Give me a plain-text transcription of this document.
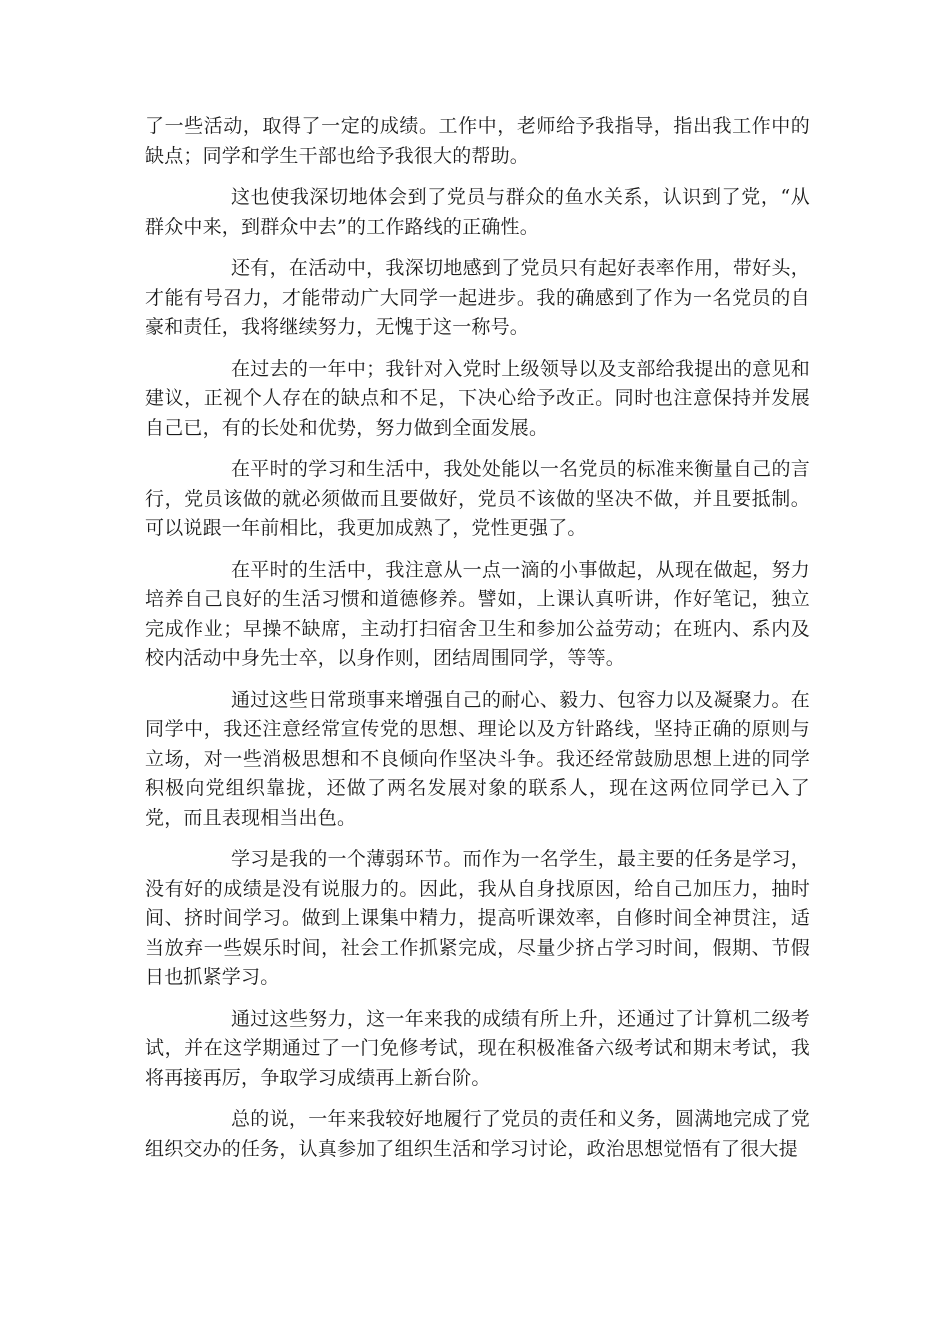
了一些活动，取得了一定的成绩。工作中，老师给予我指导，指出我工作中的缺点；同学和学生干部也给予我很大的帮助。

这也使我深切地体会到了党员与群众的鱼水关系，认识到了党，“从群众中来，到群众中去”的工作路线的正确性。

还有，在活动中，我深切地感到了党员只有起好表率作用，带好头，才能有号召力，才能带动广大同学一起进步。我的确感到了作为一名党员的自豪和责任，我将继续努力，无愧于这一称号。

在过去的一年中；我针对入党时上级领导以及支部给我提出的意见和建议，正视个人存在的缺点和不足，下决心给予改正。同时也注意保持并发展自己已，有的长处和优势，努力做到全面发展。

在平时的学习和生活中，我处处能以一名党员的标准来衡量自己的言行，党员该做的就必须做而且要做好，党员不该做的坚决不做，并且要抵制。可以说跟一年前相比，我更加成熟了，党性更强了。

在平时的生活中，我注意从一点一滴的小事做起，从现在做起，努力培养自己良好的生活习惯和道德修养。譬如，上课认真听讲，作好笔记，独立完成作业；早操不缺席，主动打扫宿舍卫生和参加公益劳动；在班内、系内及校内活动中身先士卒，以身作则，团结周围同学，等等。

通过这些日常琐事来增强自己的耐心、毅力、包容力以及凝聚力。在同学中，我还注意经常宣传党的思想、理论以及方针路线，坚持正确的原则与立场，对一些消极思想和不良倾向作坚决斗争。我还经常鼓励思想上进的同学积极向党组织靠拢，还做了两名发展对象的联系人，现在这两位同学已入了党，而且表现相当出色。

学习是我的一个薄弱环节。而作为一名学生，最主要的任务是学习，没有好的成绩是没有说服力的。因此，我从自身找原因，给自己加压力，抽时间、挤时间学习。做到上课集中精力，提高听课效率，自修时间全神贯注，适当放弃一些娱乐时间，社会工作抓紧完成，尽量少挤占学习时间，假期、节假日也抓紧学习。

通过这些努力，这一年来我的成绩有所上升，还通过了计算机二级考试，并在这学期通过了一门免修考试，现在积极准备六级考试和期末考试，我将再接再厉，争取学习成绩再上新台阶。

总的说，一年来我较好地履行了党员的责任和义务，圆满地完成了党组织交办的任务，认真参加了组织生活和学习讨论，政治思想觉悟有了很大提
